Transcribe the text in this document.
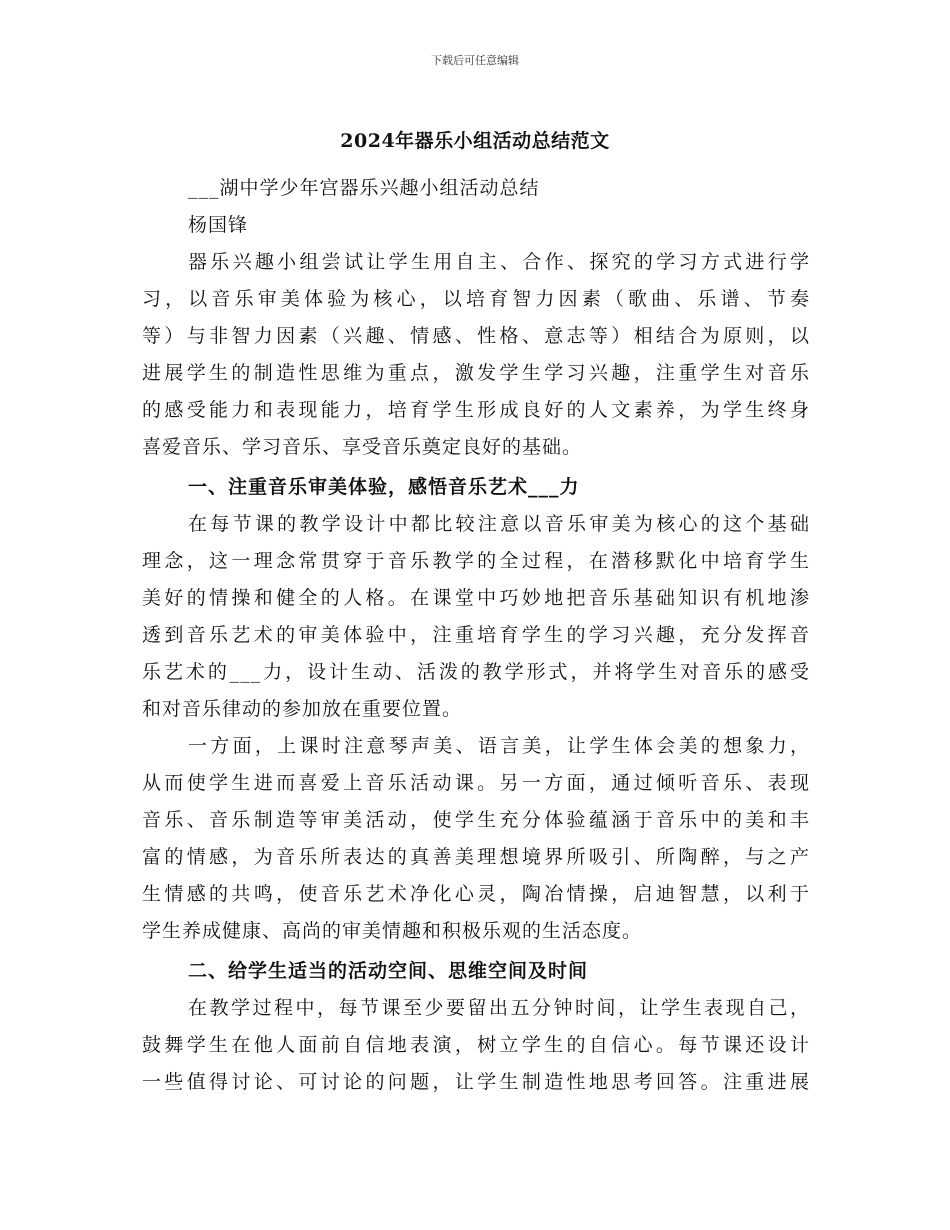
下载后可任意编辑
2024年器乐小组活动总结范文
___湖中学少年宫器乐兴趣小组活动总结
杨国锋
器乐兴趣小组尝试让学生用自主、合作、探究的学习方式进行学
习，以音乐审美体验为核心，以培育智力因素（歌曲、乐谱、节奏
等）与非智力因素（兴趣、情感、性格、意志等）相结合为原则，以
进展学生的制造性思维为重点，激发学生学习兴趣，注重学生对音乐
的感受能力和表现能力，培育学生形成良好的人文素养，为学生终身
喜爱音乐、学习音乐、享受音乐奠定良好的基础。
一、注重音乐审美体验，感悟音乐艺术___力
在每节课的教学设计中都比较注意以音乐审美为核心的这个基础
理念，这一理念常贯穿于音乐教学的全过程，在潜移默化中培育学生
美好的情操和健全的人格。在课堂中巧妙地把音乐基础知识有机地渗
透到音乐艺术的审美体验中，注重培育学生的学习兴趣，充分发挥音
乐艺术的___力，设计生动、活泼的教学形式，并将学生对音乐的感受
和对音乐律动的参加放在重要位置。
一方面，上课时注意琴声美、语言美，让学生体会美的想象力，
从而使学生进而喜爱上音乐活动课。另一方面，通过倾听音乐、表现
音乐、音乐制造等审美活动，使学生充分体验蕴涵于音乐中的美和丰
富的情感，为音乐所表达的真善美理想境界所吸引、所陶醉，与之产
生情感的共鸣，使音乐艺术净化心灵，陶冶情操，启迪智慧，以利于
学生养成健康、高尚的审美情趣和积极乐观的生活态度。
二、给学生适当的活动空间、思维空间及时间
在教学过程中，每节课至少要留出五分钟时间，让学生表现自己，
鼓舞学生在他人面前自信地表演，树立学生的自信心。每节课还设计
一些值得讨论、可讨论的问题，让学生制造性地思考回答。注重进展
